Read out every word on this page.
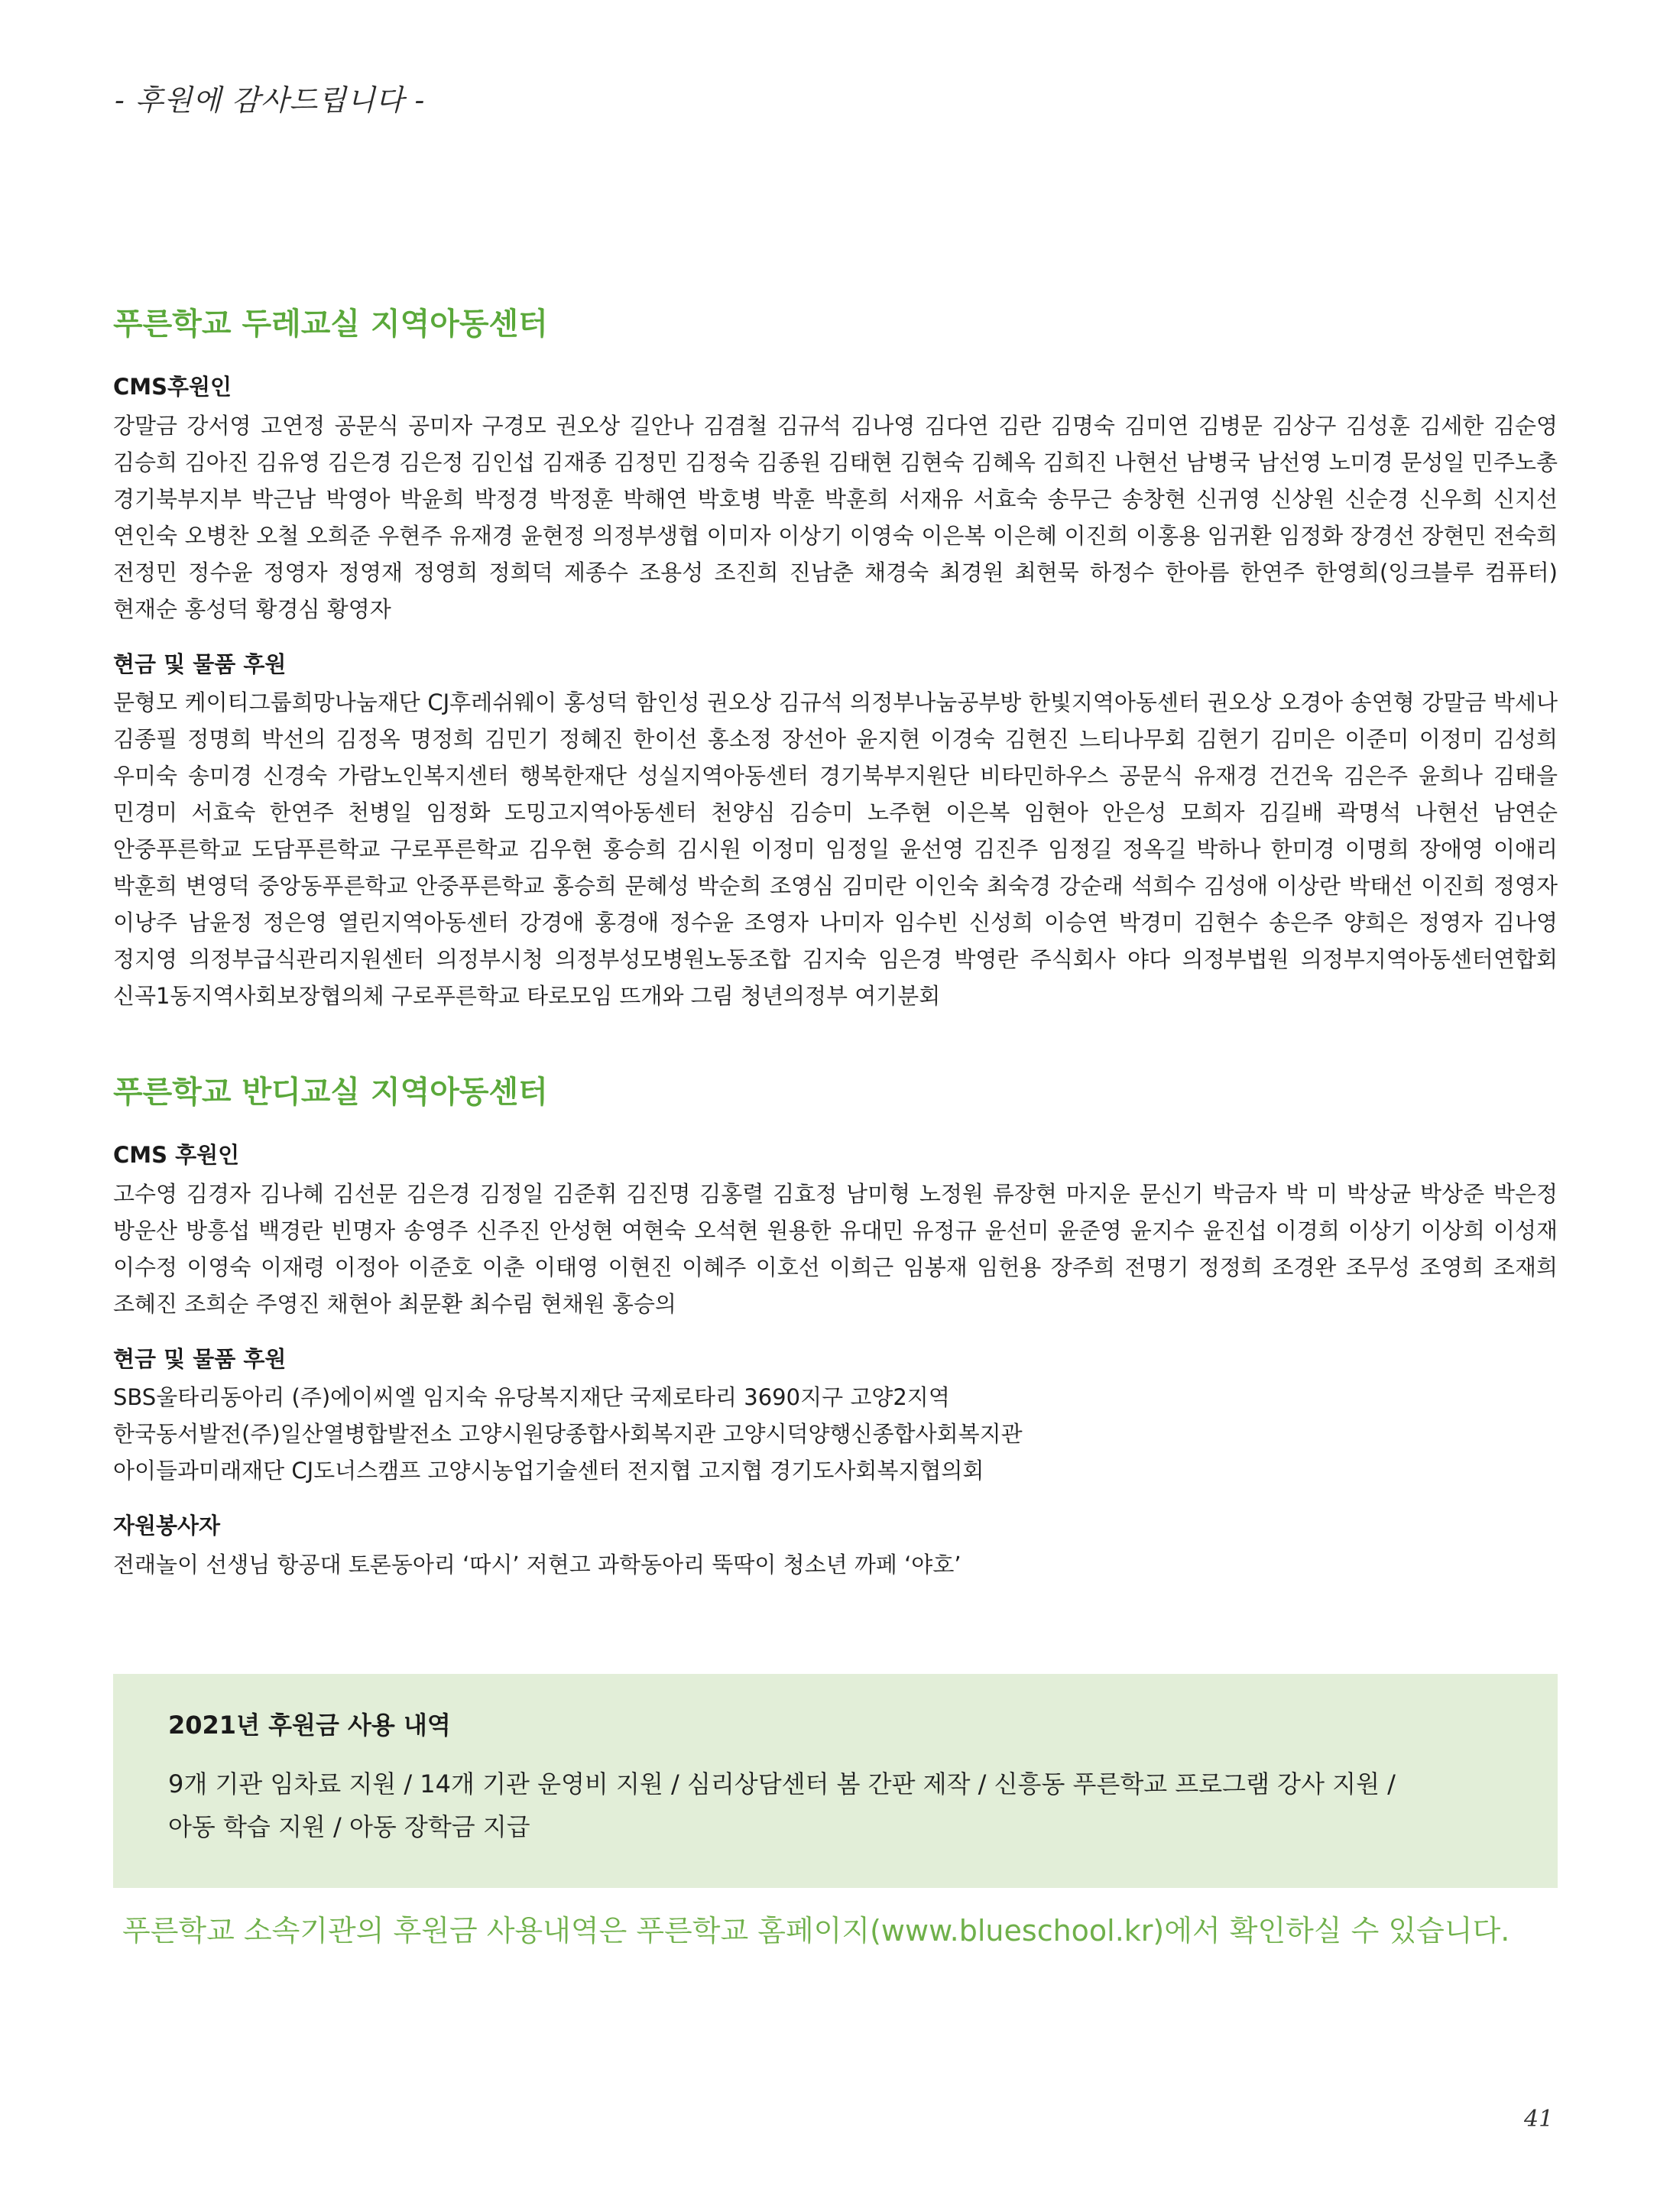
- 후원에 감사드립니다 -
푸른학교 두레교실 지역아동센터
CMS후원인

강말금 강서영 고연정 공문식 공미자 구경모 권오상 길안나 김겸철 김규석 김나영 김다연 김란 김명숙 김미연 김병문 김상구 김성훈 김세한 김순영 김승희 김아진 김유영 김은경 김은정 김인섭 김재종 김정민 김정숙 김종원 김태현 김현숙 김혜옥 김희진 나현선 남병국 남선영 노미경 문성일 민주노총 경기북부지부 박근남 박영아 박윤희 박정경 박정훈 박해연 박호병 박훈 박훈희 서재유 서효숙 송무근 송창현 신귀영 신상원 신순경 신우희 신지선 연인숙 오병찬 오철 오희준 우현주 유재경 윤현정 의정부생협 이미자 이상기 이영숙 이은복 이은혜 이진희 이홍용 임귀환 임정화 장경선 장현민 전숙희 전정민 정수윤 정영자 정영재 정영희 정희덕 제종수 조용성 조진희 진남춘 채경숙 최경원 최현묵 하정수 한아름 한연주 한영희(잉크블루 컴퓨터) 현재순 홍성덕 황경심 황영자

현금 및 물품 후원

문형모 케이티그룹희망나눔재단 CJ후레쉬웨이 홍성덕 함인성 권오상 김규석 의정부나눔공부방 한빛지역아동센터 권오상 오경아 송연형 강말금 박세나 김종필 정명희 박선의 김정옥 명정희 김민기 정혜진 한이선 홍소정 장선아 윤지현 이경숙 김현진 느티나무회 김현기 김미은 이준미 이정미 김성희 우미숙 송미경 신경숙 가람노인복지센터 행복한재단 성실지역아동센터 경기북부지원단 비타민하우스 공문식 유재경 건건욱 김은주 윤희나 김태을 민경미 서효숙 한연주 천병일 임정화 도밍고지역아동센터 천양심 김승미 노주현 이은복 임현아 안은성 모희자 김길배 곽명석 나현선 남연순 안중푸른학교 도담푸른학교 구로푸른학교 김우현 홍승희 김시원 이정미 임정일 윤선영 김진주 임정길 정옥길 박하나 한미경 이명희 장애영 이애리 박훈희 변영덕 중앙동푸른학교 안중푸른학교 홍승희 문혜성 박순희 조영심 김미란 이인숙 최숙경 강순래 석희수 김성애 이상란 박태선 이진희 정영자 이낭주 남윤정 정은영 열린지역아동센터 강경애 홍경애 정수윤 조영자 나미자 임수빈 신성희 이승연 박경미 김현수 송은주 양희은 정영자 김나영 정지영 의정부급식관리지원센터 의정부시청 의정부성모병원노동조합 김지숙 임은경 박영란 주식회사 야다 의정부법원 의정부지역아동센터연합회 신곡1동지역사회보장협의체 구로푸른학교 타로모임 뜨개와 그림 청년의정부 여기분회

푸른학교 반디교실 지역아동센터
CMS 후원인

고수영 김경자 김나혜 김선문 김은경 김정일 김준휘 김진명 김홍렬 김효정 남미형 노정원 류장현 마지운 문신기 박금자 박 미 박상균 박상준 박은정 방운산 방흥섭 백경란 빈명자 송영주 신주진 안성현 여현숙 오석현 원용한 유대민 유정규 윤선미 윤준영 윤지수 윤진섭 이경희 이상기 이상희 이성재 이수정 이영숙 이재령 이정아 이준호 이춘 이태영 이현진 이혜주 이호선 이희근 임봉재 임헌용 장주희 전명기 정정희 조경완 조무성 조영희 조재희 조혜진 조희순 주영진 채현아 최문환 최수림 현채원 홍승의

현금 및 물품 후원
SBS울타리동아리 (주)에이씨엘 임지숙 유당복지재단 국제로타리 3690지구 고양2지역
한국동서발전(주)일산열병합발전소 고양시원당종합사회복지관 고양시덕양행신종합사회복지관
아이들과미래재단 CJ도너스캠프 고양시농업기술센터 전지협 고지협 경기도사회복지협의회
자원봉사자
전래놀이 선생님 항공대 토론동아리 ‘따시’ 저현고 과학동아리 뚝딱이 청소년 까페 ‘야호’
2021년 후원금 사용 내역
9개 기관 임차료 지원 / 14개 기관 운영비 지원 / 심리상담센터 봄 간판 제작 / 신흥동 푸른학교 프로그램 강사 지원 /
아동 학습 지원 / 아동 장학금 지급
푸른학교 소속기관의 후원금 사용내역은 푸른학교 홈페이지(www.blueschool.kr)에서 확인하실 수 있습니다.
41
